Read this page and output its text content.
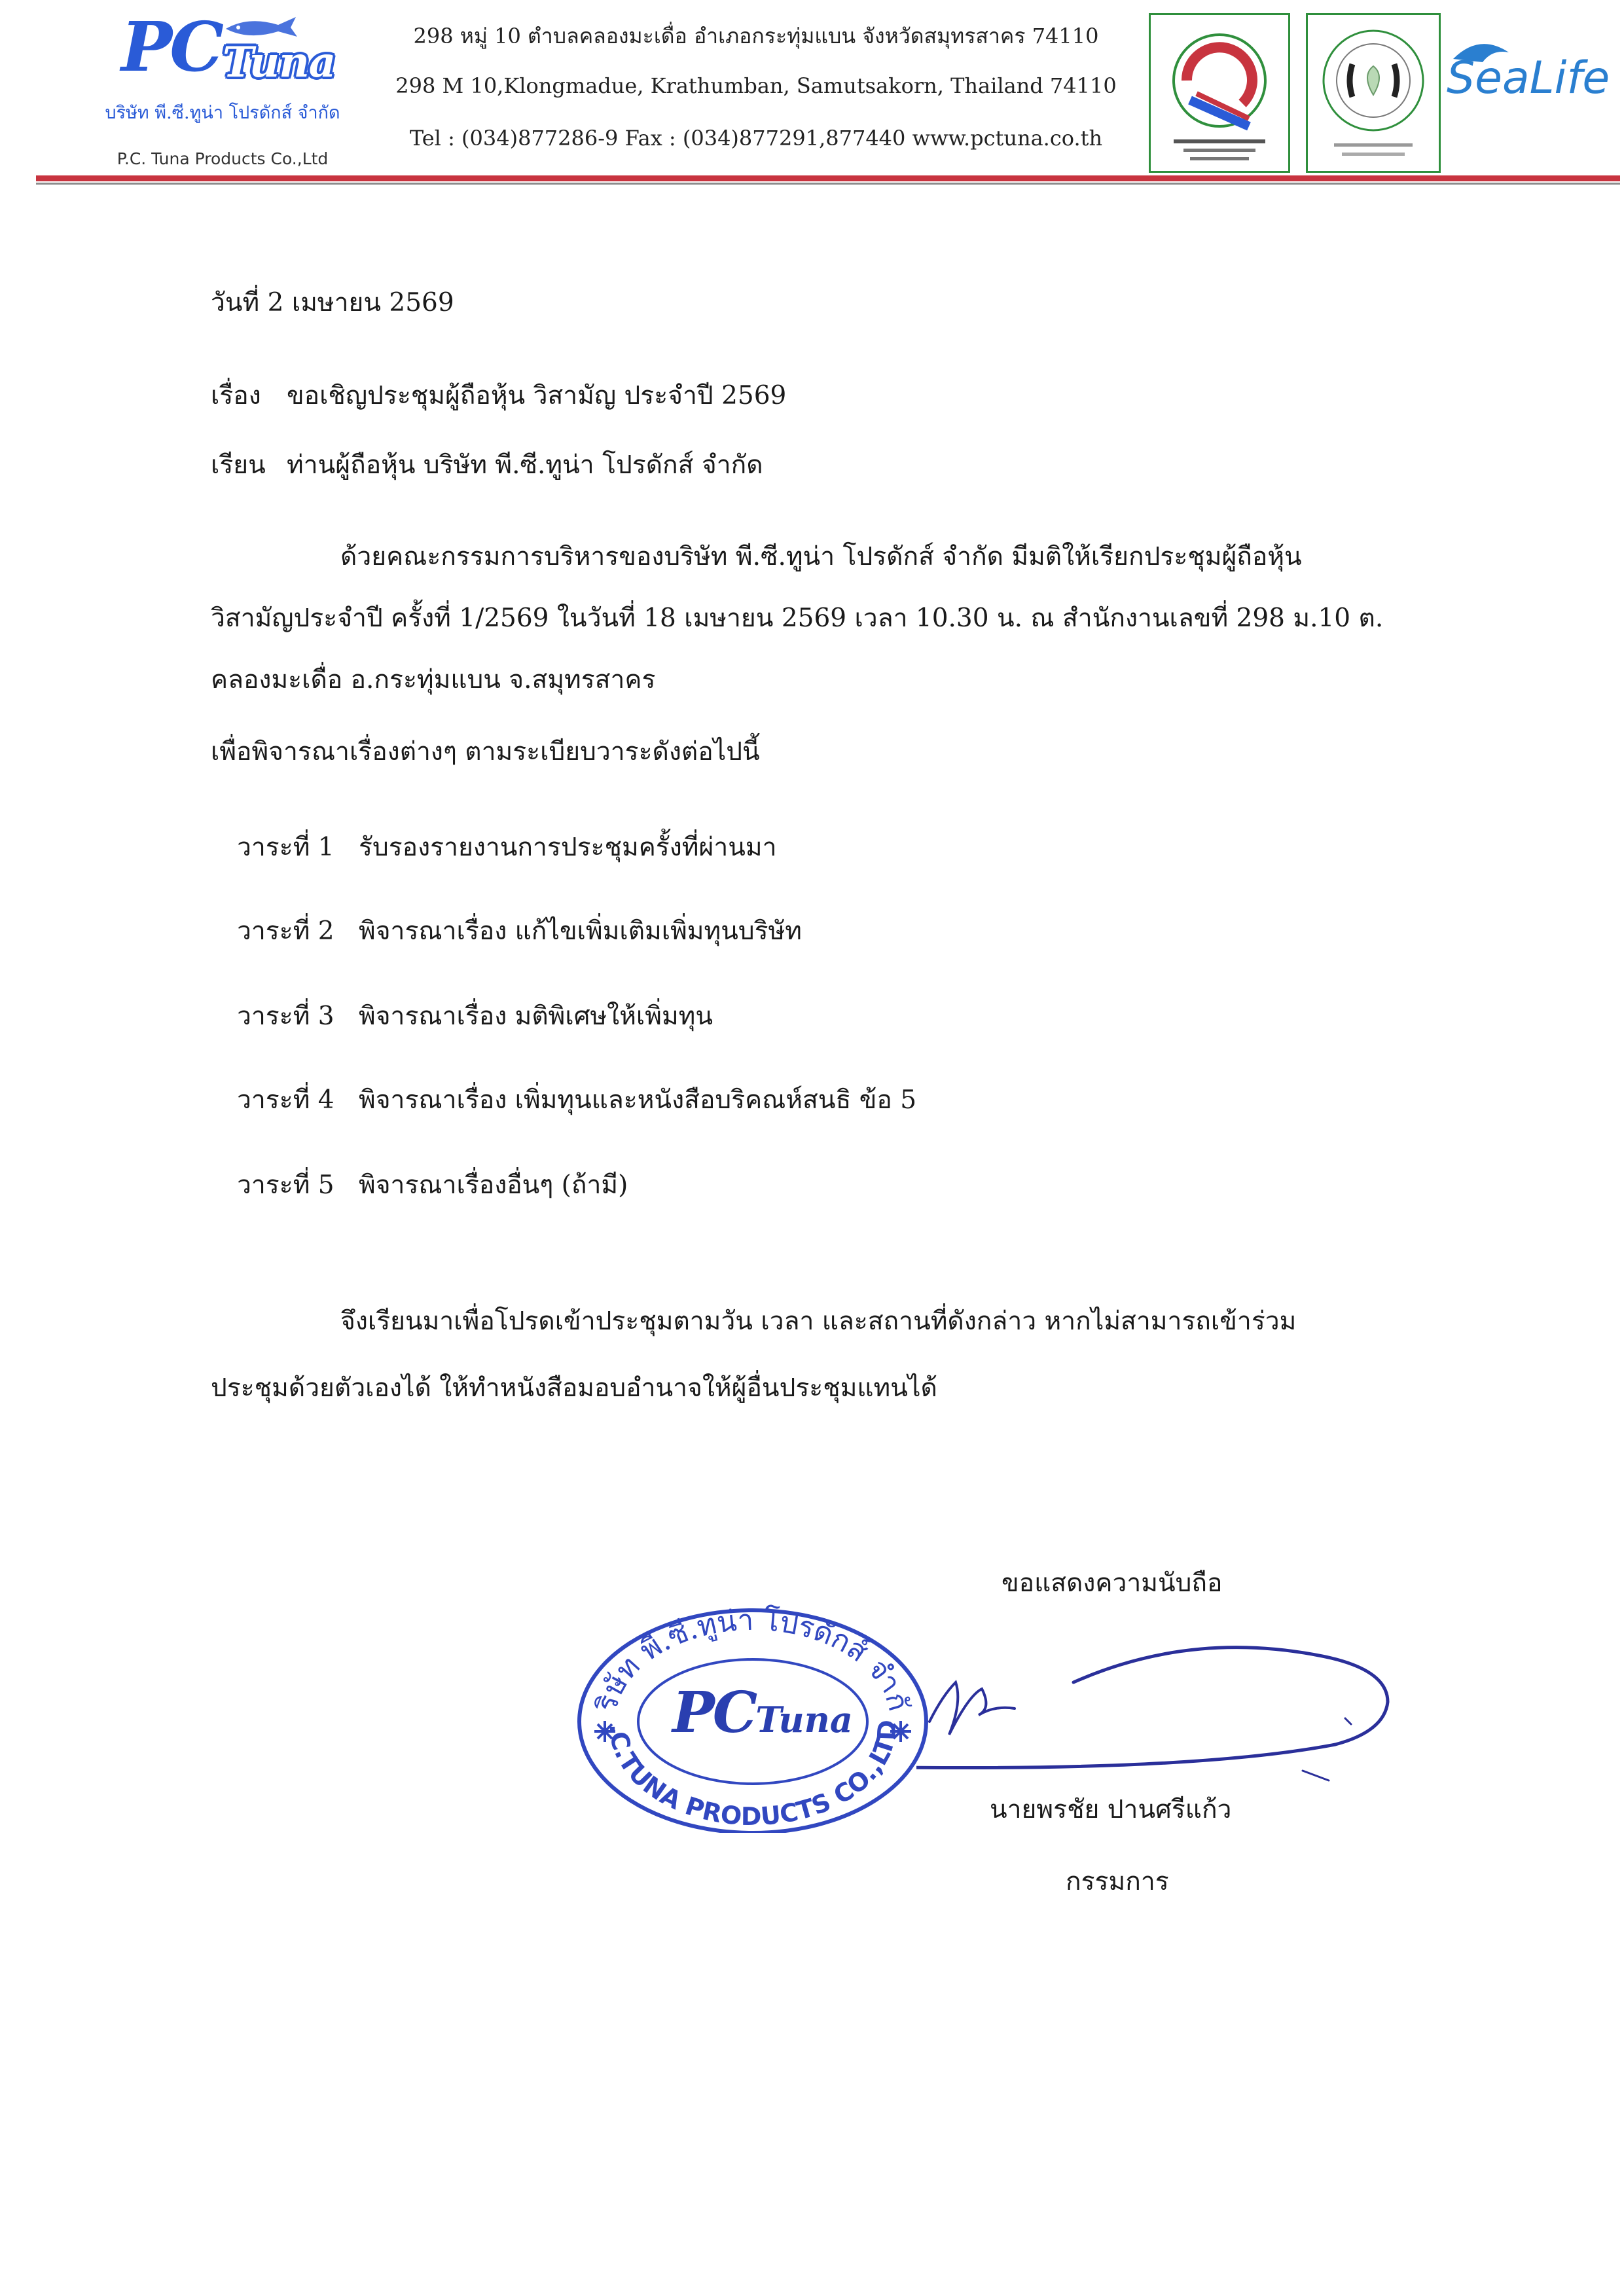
PCTuna
บริษัท พี.ซี.ทูน่า โปรดักส์ จำกัด
P.C. Tuna Products Co.,Ltd
298 หมู่ 10 ตำบลคลองมะเดื่อ อำเภอกระทุ่มแบน จังหวัดสมุทรสาคร 74110
298 M 10,Klongmadue, Krathumban, Samutsakorn, Thailand 74110
Tel : (034)877286-9 Fax : (034)877291,877440 www.pctuna.co.th
SeaLife
วันที่ 2 เมษายน 2569
เรื่อง ขอเชิญประชุมผู้ถือหุ้น วิสามัญ ประจำปี 2569
เรียน ท่านผู้ถือหุ้น บริษัท พี.ซี.ทูน่า โปรดักส์ จำกัด
ด้วยคณะกรรมการบริหารของบริษัท พี.ซี.ทูน่า โปรดักส์ จำกัด มีมติให้เรียกประชุมผู้ถือหุ้น
วิสามัญประจำปี ครั้งที่ 1/2569 ในวันที่ 18 เมษายน 2569 เวลา 10.30 น. ณ สำนักงานเลขที่ 298 ม.10 ต.
คลองมะเดื่อ อ.กระทุ่มแบน จ.สมุทรสาคร
เพื่อพิจารณาเรื่องต่างๆ ตามระเบียบวาระดังต่อไปนี้
วาระที่ 1 รับรองรายงานการประชุมครั้งที่ผ่านมา
วาระที่ 2 พิจารณาเรื่อง แก้ไขเพิ่มเติมเพิ่มทุนบริษัท
วาระที่ 3 พิจารณาเรื่อง มติพิเศษให้เพิ่มทุน
วาระที่ 4 พิจารณาเรื่อง เพิ่มทุนและหนังสือบริคณห์สนธิ ข้อ 5
วาระที่ 5 พิจารณาเรื่องอื่นๆ (ถ้ามี)
จึงเรียนมาเพื่อโปรดเข้าประชุมตามวัน เวลา และสถานที่ดังกล่าว หากไม่สามารถเข้าร่วม
ประชุมด้วยตัวเองได้ ให้ทำหนังสือมอบอำนาจให้ผู้อื่นประชุมแทนได้
ขอแสดงความนับถือ
ริษัท พี.ซี.ทูน่า โปรดักส์ จำกั
.C.TUNA PRODUCTS CO.,LTD
PCTuna
นายพรชัย ปานศรีแก้ว
กรรมการ
